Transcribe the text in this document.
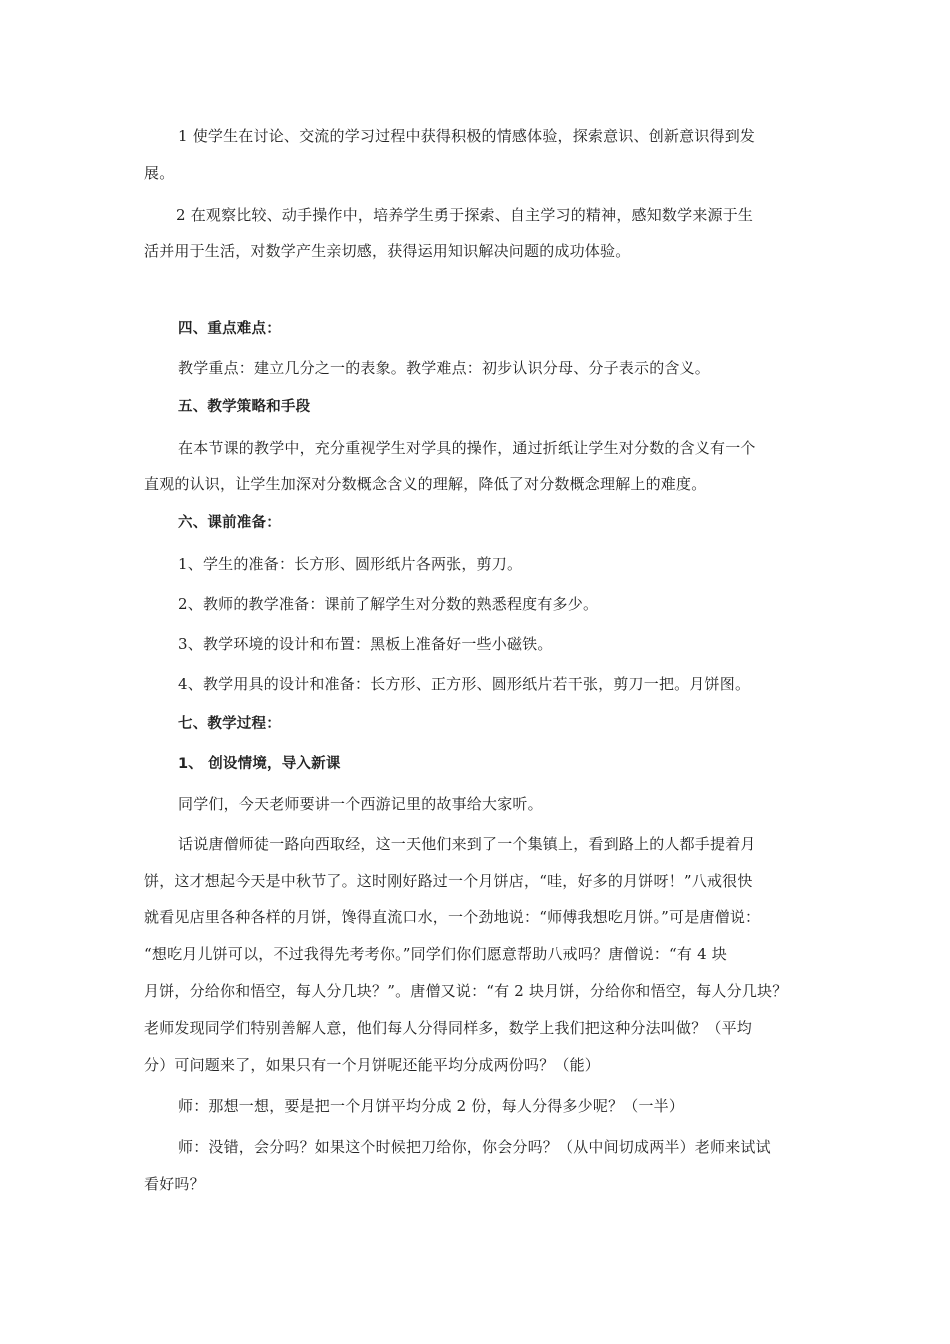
1 使学生在讨论、交流的学习过程中获得积极的情感体验，探索意识、创新意识得到发
展。
2 在观察比较、动手操作中，培养学生勇于探索、自主学习的精神，感知数学来源于生
活并用于生活，对数学产生亲切感，获得运用知识解决问题的成功体验。
四、重点难点：
教学重点：建立几分之一的表象。教学难点：初步认识分母、分子表示的含义。
五、教学策略和手段
在本节课的教学中，充分重视学生对学具的操作，通过折纸让学生对分数的含义有一个
直观的认识，让学生加深对分数概念含义的理解，降低了对分数概念理解上的难度。
六、课前准备：
1、学生的准备：长方形、圆形纸片各两张，剪刀。
2、教师的教学准备：课前了解学生对分数的熟悉程度有多少。
3、教学环境的设计和布置：黑板上准备好一些小磁铁。
4、教学用具的设计和准备：长方形、正方形、圆形纸片若干张，剪刀一把。月饼图。
七、教学过程：
1、 创设情境，导入新课
同学们，今天老师要讲一个西游记里的故事给大家听。
话说唐僧师徒一路向西取经，这一天他们来到了一个集镇上，看到路上的人都手提着月
饼，这才想起今天是中秋节了。这时刚好路过一个月饼店，“哇，好多的月饼呀！”八戒很快
就看见店里各种各样的月饼，馋得直流口水，一个劲地说：“师傅我想吃月饼。”可是唐僧说：
“想吃月儿饼可以，不过我得先考考你。”同学们你们愿意帮助八戒吗？唐僧说：“有 4 块
月饼，分给你和悟空，每人分几块？”。唐僧又说：“有 2 块月饼，分给你和悟空，每人分几块？
老师发现同学们特别善解人意，他们每人分得同样多，数学上我们把这种分法叫做？（平均
分）可问题来了，如果只有一个月饼呢还能平均分成两份吗？（能）
师：那想一想，要是把一个月饼平均分成 2 份，每人分得多少呢？（一半）
师：没错，会分吗？如果这个时候把刀给你，你会分吗？（从中间切成两半）老师来试试
看好吗？
